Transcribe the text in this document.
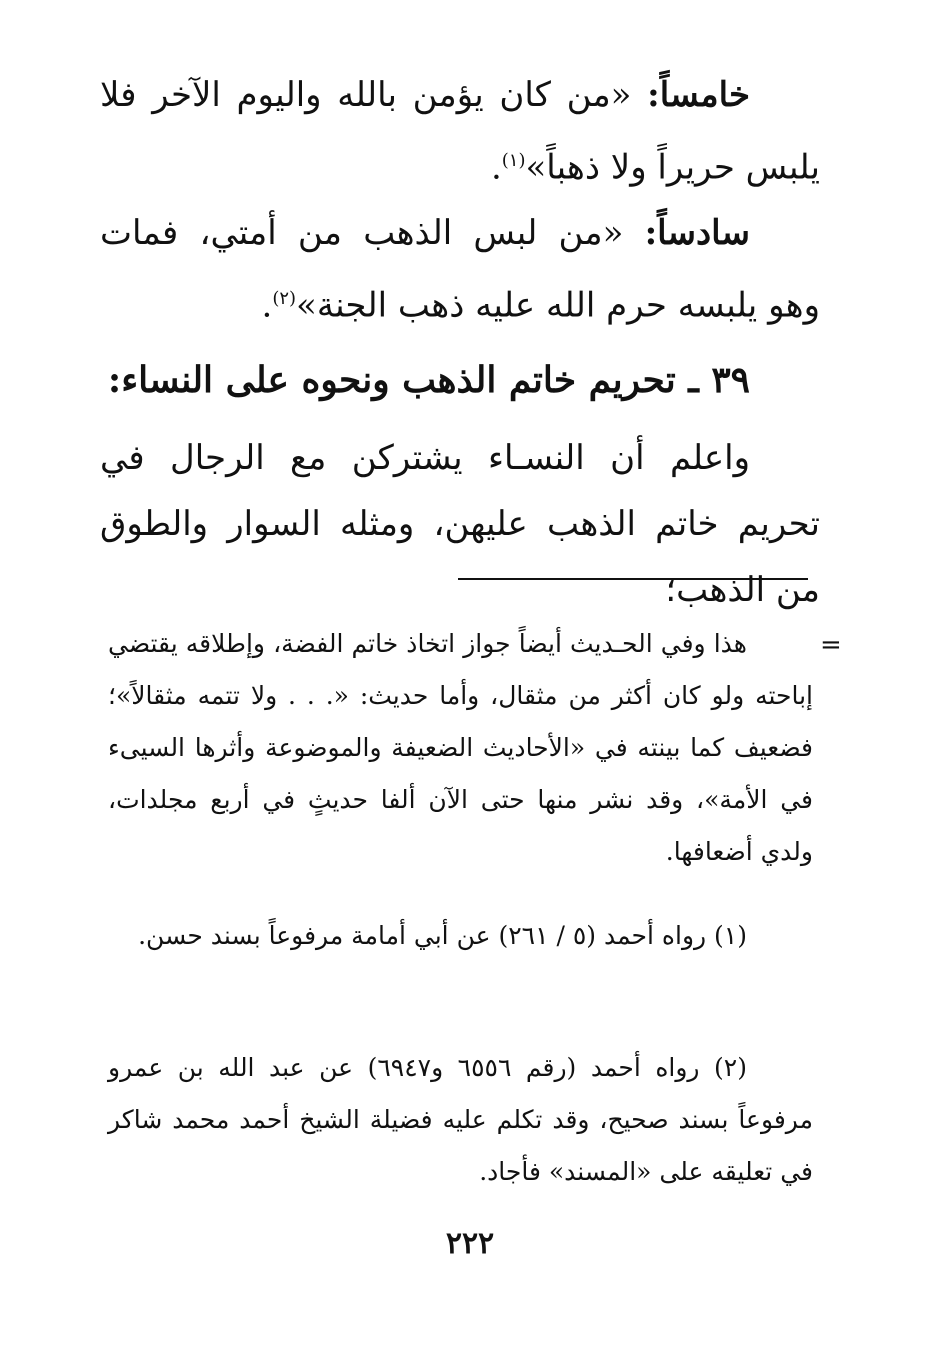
خامساً: «من كان يؤمن بالله واليوم الآخر فلا يلبس حريراً ولا ذهباً»$^{(١)}$.

سادساً: «من لبس الذهب من أمتي، فمات وهو يلبسه حرم الله عليه ذهب الجنة»$^{(٢)}$.

٣٩ ـ تحريم خاتم الذهب ونحوه على النساء:

واعلم أن النسـاء يشتركن مع الرجال في تحريم خاتم الذهب عليهن، ومثله السوار والطوق من الذهب؛

=

هذا وفي الحـديث أيضاً جواز اتخاذ خاتم الفضة، وإطلاقه يقتضي إباحته ولو كان أكثر من مثقال، وأما حديث: «. . . ولا تتمه مثقالاً»؛ فضعيف كما بينته في «الأحاديث الضعيفة والموضوعة وأثرها السيىء في الأمة»، وقد نشر منها حتى الآن ألفا حديثٍ في أربع مجلدات، ولدي أضعافها.

(١) رواه أحمد (٥ / ٢٦١) عن أبي أمامة مرفوعاً بسند حسن.

(٢) رواه أحمد (رقم ٦٥٥٦ و٦٩٤٧) عن عبد الله بن عمرو مرفوعاً بسند صحيح، وقد تكلم عليه فضيلة الشيخ أحمد محمد شاكر في تعليقه على «المسند» فأجاد.

٢٢٢
